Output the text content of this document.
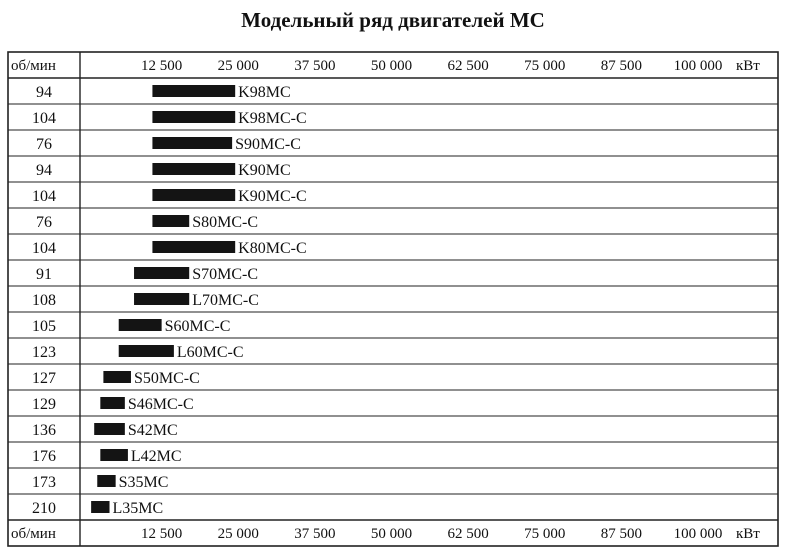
Модельный ряд двигателей МС
об/мин	12 500 25 000 37 500 50 000 62 500 75 000 87 500 100 000 кВт
об/мин	12 500 25 000 37 500 50 000 62 500 75 000 87 500 100 000 кВт
94	K98MC
104	K98MC-C
76	S90MC-C
94	K90MC
104	K90MC-C
76	S80MC-C
104	K80MC-C
91	S70MC-C
108	L70MC-C
105	S60MC-C
123	L60MC-C
127	S50MC-C
129	S46MC-C
136	S42MC
176	L42MC
173	S35MC
210	L35MC
